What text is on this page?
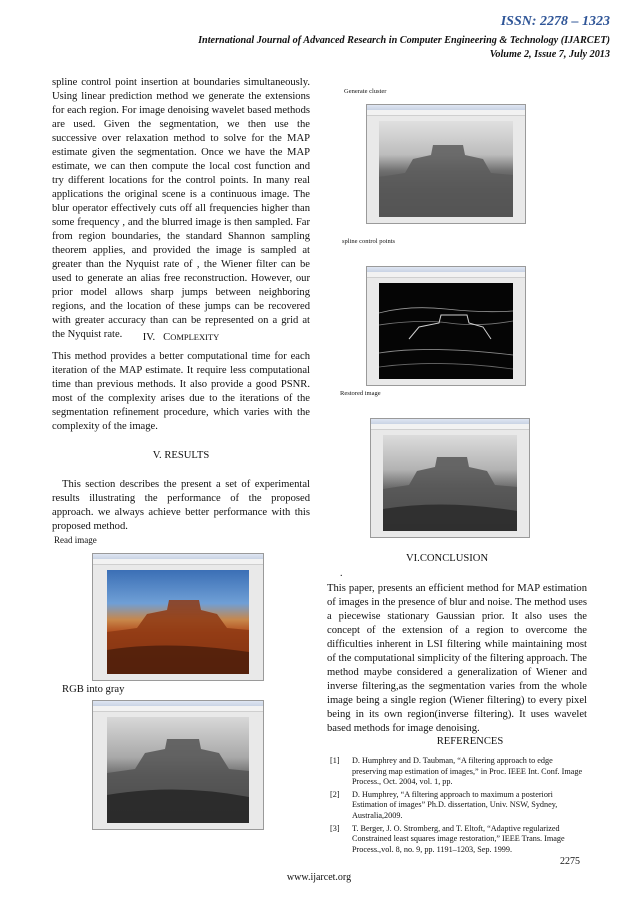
ISSN: 2278 – 1323
International Journal of Advanced Research in Computer Engineering & Technology (IJARCET)
Volume 2, Issue 7, July 2013
spline control point insertion at boundaries simultaneously. Using linear prediction method we generate the extensions for each region. For image denoising wavelet based methods are used. Given the segmentation, we then use the successive over relaxation method to solve for the MAP estimate given the segmentation. Once we have the MAP estimate, we can then compute the local cost function and try different locations for the control points. In many real applications the original scene is a continuous image. The blur operator effectively cuts off all frequencies higher than some frequency , and the blurred image is then sampled. Far from region boundaries, the standard Shannon sampling theorem applies, and provided the image is sampled at greater than the Nyquist rate of , the Wiener filter can be used to generate an alias free reconstruction. However, our prior model allows sharp jumps between neighboring regions, and the location of these jumps can be recovered with greater accuracy than can be represented on a grid at the Nyquist rate.	IV. COMPLEXITY
This method provides a better computational time for each iteration of the MAP estimate. It require less computational time than previous methods. It also provide a good PSNR. most of the complexity arises due to the iterations of the segmentation refinement procedure, which varies with the complexity of the image.
V. RESULTS
This section describes the present a set of experimental results illustrating the performance of the proposed approach. we always achieve better performance with this proposed method.
Read image
RGB into gray
Generate cluster
spline control points
Restored image
VI.CONCLUSION
.
This paper, presents an efficient method for MAP estimation of images in the presence of blur and noise. The method uses a piecewise stationary Gaussian prior. It also uses the concept of the extension of a region to overcome the difficulties inherent in LSI filtering while maintaining most of the computational simplicity of the filtering approach. The method maybe considered a generalization of Wiener and inverse filtering,as the segmentation varies from the whole image being a single region (Wiener filtering) to every pixel being in its own region(inverse filtering). It uses wavelet based methods for image denoising.
REFERENCES
[1]	D. Humphrey and D. Taubman, “A filtering approach to edge preserving map estimation of images,” in Proc. IEEE Int. Conf. Image Process., Oct. 2004, vol. 1, pp.
[2]	D. Humphrey, “A filtering approach to maximum a posteriori Estimation of images” Ph.D. dissertation, Univ. NSW, Sydney, Australia,2009.
[3]	T. Berger, J. O. Stromberg, and T. Eltoft, “Adaptive regularized Constrained least squares image restoration,” IEEE Trans. Image Process.,vol. 8, no. 9, pp. 1191–1203, Sep. 1999.
2275
www.ijarcet.org
